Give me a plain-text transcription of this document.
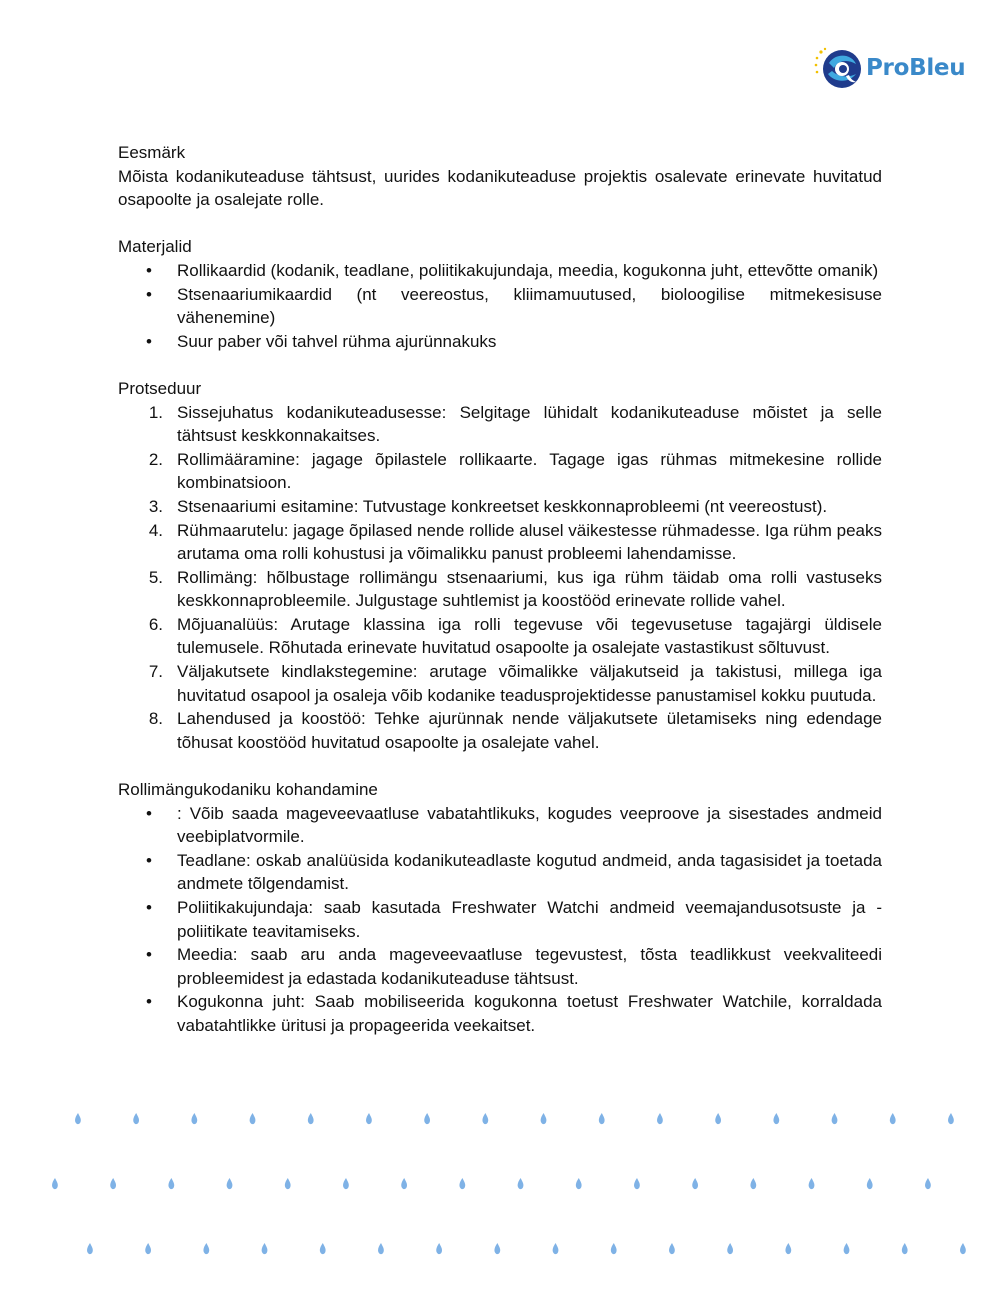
ProBleu

Eesmärk

Mõista kodanikuteaduse tähtsust, uurides kodanikuteaduse projektis osalevate erinevate huvitatud osapoolte ja osalejate rolle.

Materjalid

• Rollikaardid (kodanik, teadlane, poliitikakujundaja, meedia, kogukonna juht, ettevõtte omanik)
• Stsenaariumikaardid (nt veereostus, kliimamuutused, bioloogilise mitmekesisuse vähenemine)
• Suur paber või tahvel rühma ajurünnakuks

Protseduur

1. Sissejuhatus kodanikuteadusesse: Selgitage lühidalt kodanikuteaduse mõistet ja selle tähtsust keskkonnakaitses.
2. Rollimääramine: jagage õpilastele rollikaarte. Tagage igas rühmas mitmekesine rollide kombinatsioon.
3. Stsenaariumi esitamine: Tutvustage konkreetset keskkonnaprobleemi (nt veereostust).
4. Rühmaarutelu: jagage õpilased nende rollide alusel väikestesse rühmadesse. Iga rühm peaks arutama oma rolli kohustusi ja võimalikku panust probleemi lahendamisse.
5. Rollimäng: hõlbustage rollimängu stsenaariumi, kus iga rühm täidab oma rolli vastuseks keskkonnaprobleemile. Julgustage suhtlemist ja koostööd erinevate rollide vahel.
6. Mõjuanalüüs: Arutage klassina iga rolli tegevuse või tegevusetuse tagajärgi üldisele tulemusele. Rõhutada erinevate huvitatud osapoolte ja osalejate vastastikust sõltuvust.
7. Väljakutsete kindlakstegemine: arutage võimalikke väljakutseid ja takistusi, millega iga huvitatud osapool ja osaleja võib kodanike teadusprojektidesse panustamisel kokku puutuda.
8. Lahendused ja koostöö: Tehke ajurünnak nende väljakutsete ületamiseks ning edendage tõhusat koostööd huvitatud osapoolte ja osalejate vahel.

Rollimängukodaniku kohandamine

• : Võib saada mageveevaatluse vabatahtlikuks, kogudes veeproove ja sisestades andmeid veebiplatvormile.
• Teadlane: oskab analüüsida kodanikuteadlaste kogutud andmeid, anda tagasisidet ja toetada andmete tõlgendamist.
• Poliitikakujundaja: saab kasutada Freshwater Watchi andmeid veemajandusotsuste ja -poliitikate teavitamiseks.
• Meedia: saab aru anda mageveevaatluse tegevustest, tõsta teadlikkust veekvaliteedi probleemidest ja edastada kodanikuteaduse tähtsust.
• Kogukonna juht: Saab mobiliseerida kogukonna toetust Freshwater Watchile, korraldada vabatahtlikke üritusi ja propageerida veekaitset.
